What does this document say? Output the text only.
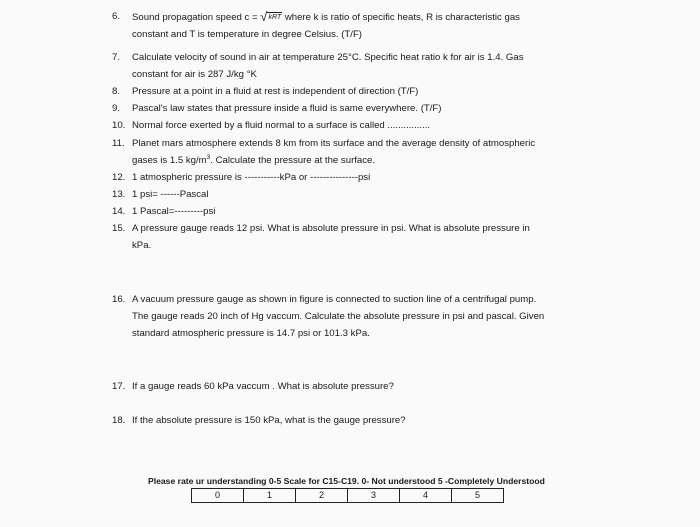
6.	Sound propagation speed c = √kRT where k is ratio of specific heats, R is characteristic gas
constant and T is temperature in degree Celsius. (T/F)
7.	Calculate velocity of sound in air at temperature 25°C. Specific heat ratio k for air is 1.4. Gas
constant for air is 287 J/kg °K
8.	Pressure at a point in a fluid at rest is independent of direction (T/F)
9.	Pascal's law states that pressure inside a fluid is same everywhere. (T/F)
10. Normal force exerted by a fluid normal to a surface is called ................
11. Planet mars atmosphere extends 8 km from its surface and the average density of atmospheric
gases is 1.5 $kg/m^3$. Calculate the pressure at the surface.
12. 1 atmospheric pressure is -----------kPa or ---------------psi
13. 1 psi= ------Pascal
14. 1 Pascal=---------psi
15. A pressure gauge reads 12 psi. What is absolute pressure in psi. What is absolute pressure in
kPa.
16. A vacuum pressure gauge as shown in figure is connected to suction line of a centrifugal pump.
The gauge reads 20 inch of Hg vaccum. Calculate the absolute pressure in psi and pascal. Given
standard atmospheric pressure is 14.7 psi or 101.3 kPa.
17. If a gauge reads 60 kPa vaccum . What is absolute pressure?
18. If the absolute pressure is 150 kPa, what is the gauge pressure?
Please rate ur understanding 0-5 Scale for C15-C19. 0- Not understood 5 -Completely Understood
0	1	2	3	4	5
